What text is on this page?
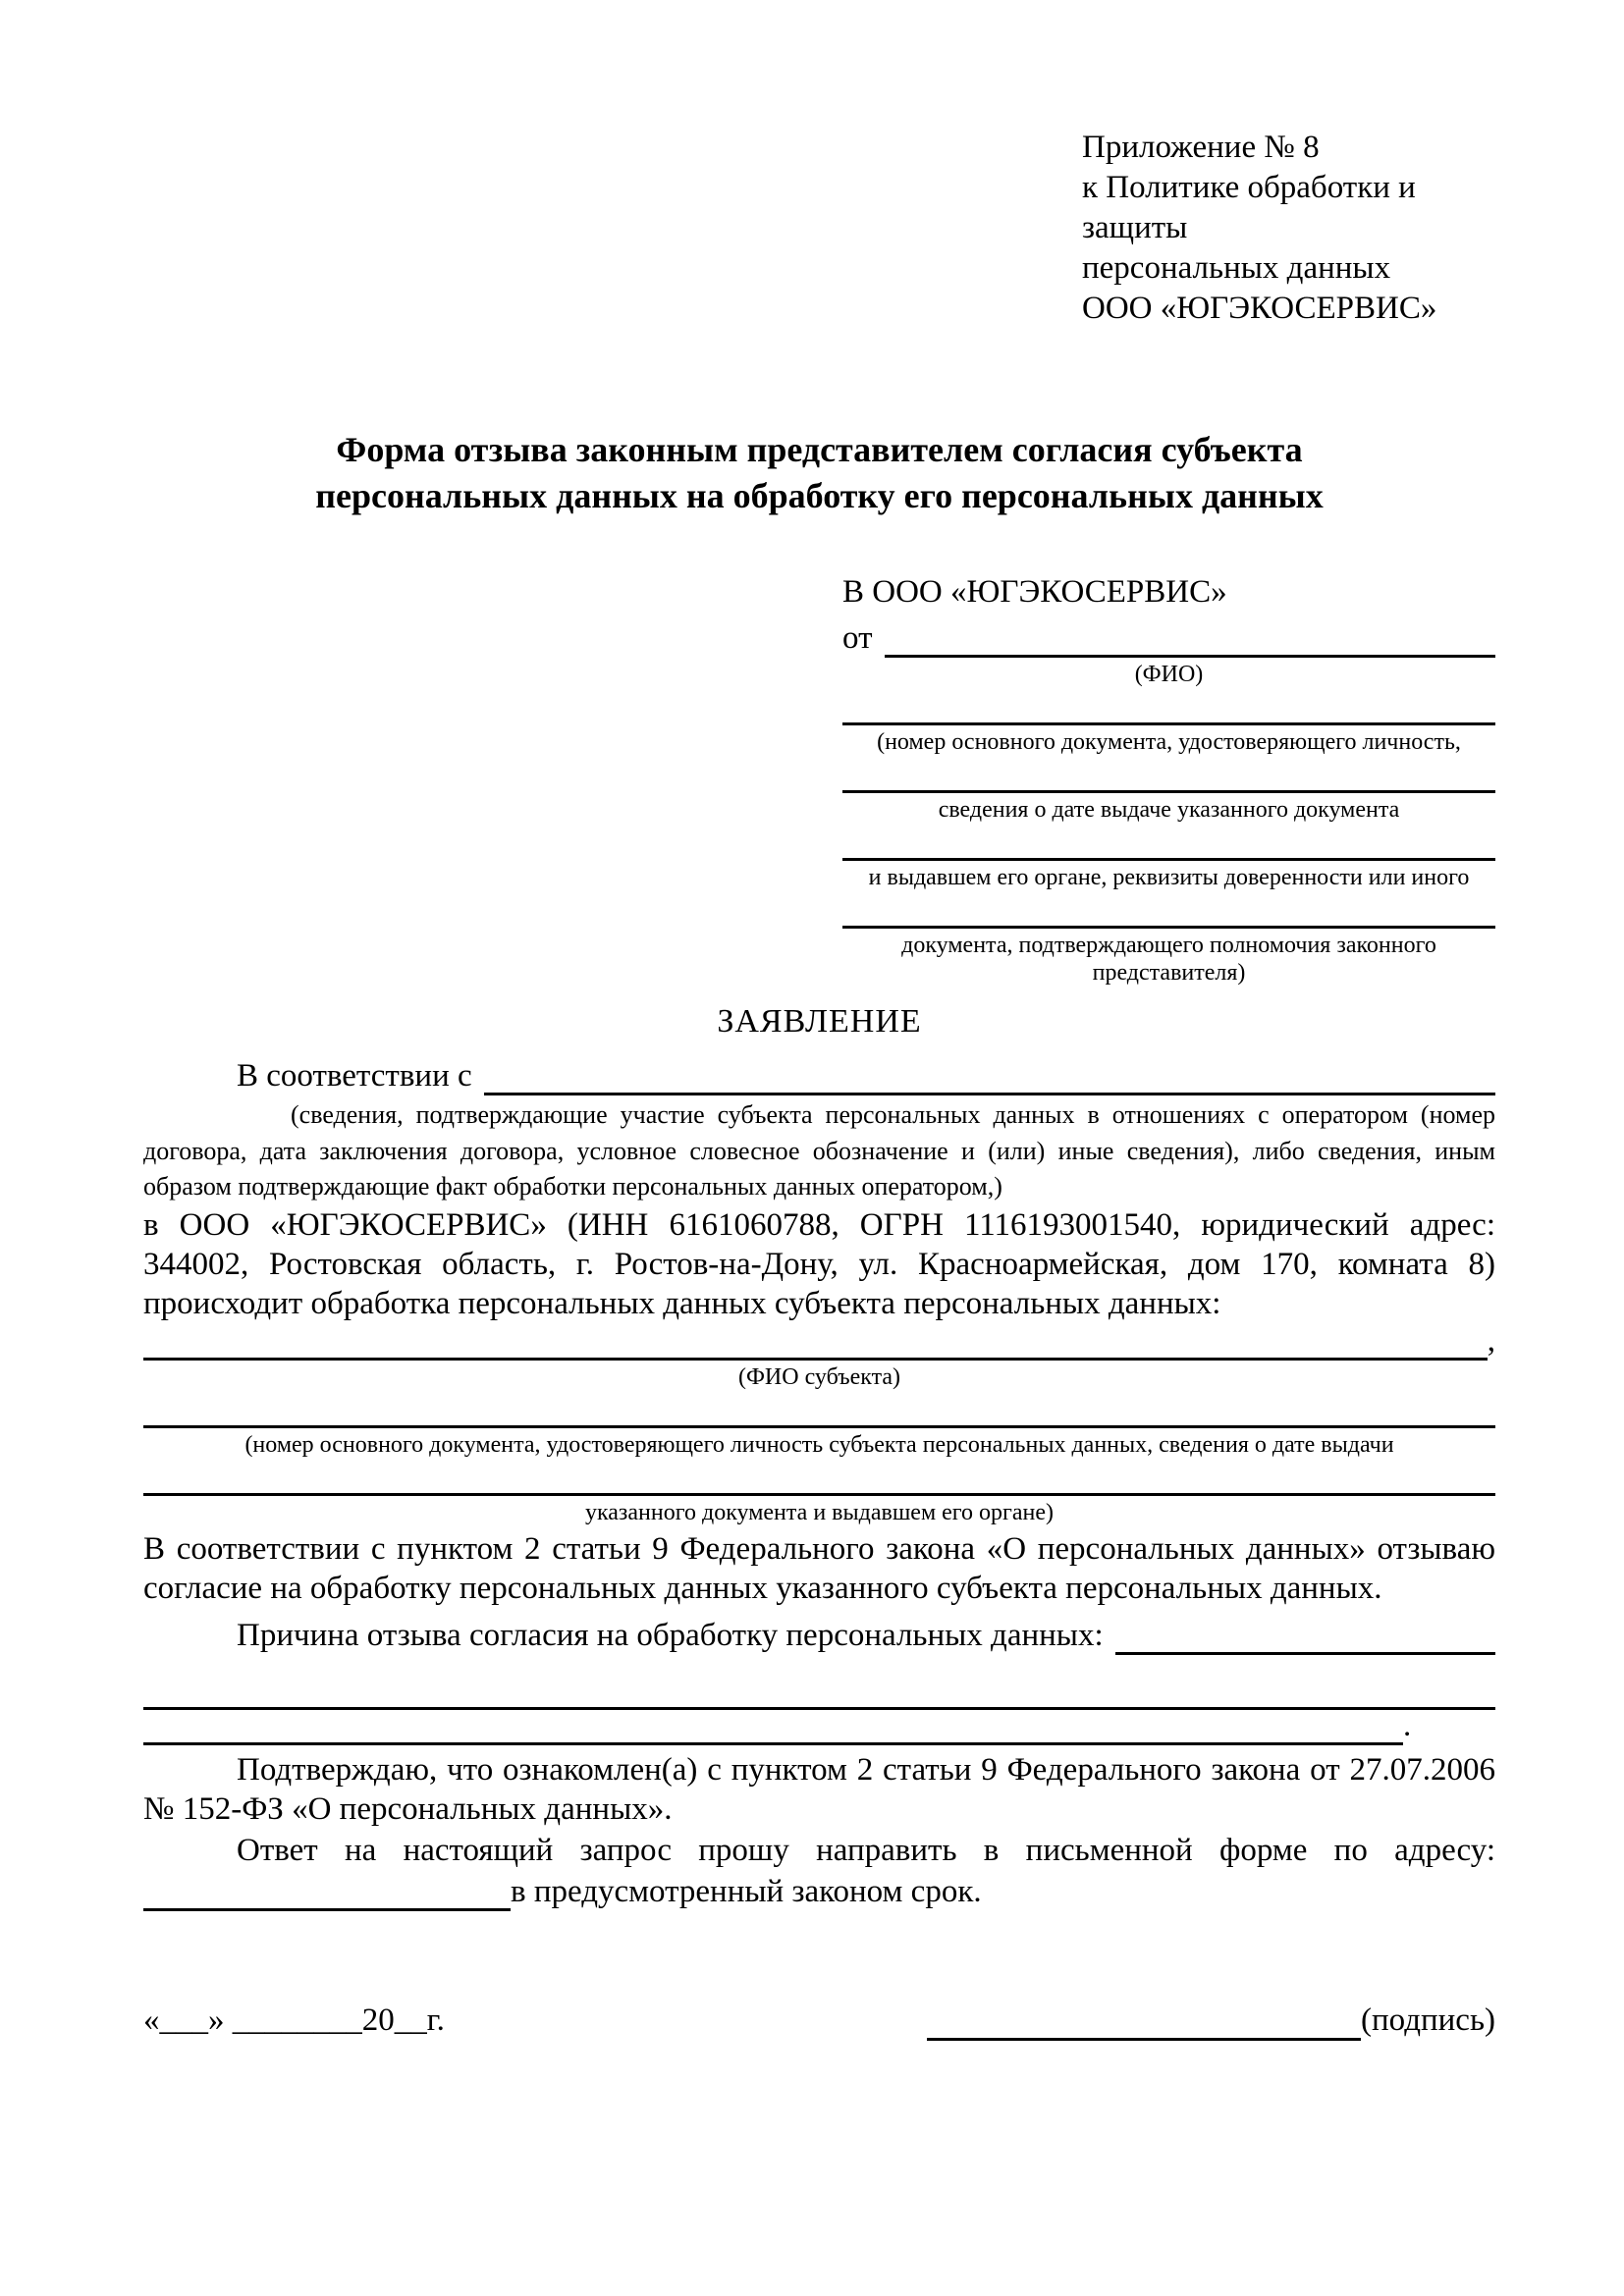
Приложение № 8
к Политике обработки и защиты
персональных данных
ООО «ЮГЭКОСЕРВИС»
Форма отзыва законным представителем согласия субъекта
персональных данных на обработку его персональных данных
В ООО «ЮГЭКОСЕРВИС»
от
(ФИО)
(номер основного документа, удостоверяющего личность,
сведения о дате выдаче указанного документа
и выдавшем его органе, реквизиты доверенности или иного
документа, подтверждающего полномочия законного представителя)
ЗАЯВЛЕНИЕ
В соответствии с
(сведения, подтверждающие участие субъекта персональных данных в отношениях с оператором (номер договора, дата заключения договора, условное словесное обозначение и (или) иные сведения), либо сведения, иным образом подтверждающие факт обработки персональных данных оператором,)
в ООО «ЮГЭКОСЕРВИС» (ИНН 6161060788, ОГРН 1116193001540, юридический адрес: 344002, Ростовская область, г. Ростов-на-Дону, ул. Красноармейская, дом 170, комната 8) происходит обработка персональных данных субъекта персональных данных:
,
(ФИО субъекта)
(номер основного документа, удостоверяющего личность субъекта персональных данных, сведения о дате выдачи
указанного документа и выдавшем его органе)
В соответствии с пунктом 2 статьи 9 Федерального закона «О персональных данных» отзываю согласие на обработку персональных данных указанного субъекта персональных данных.
Причина отзыва согласия на обработку персональных данных:
.
Подтверждаю, что ознакомлен(а) с пунктом 2 статьи 9 Федерального закона от 27.07.2006 № 152-ФЗ «О персональных данных».
Ответ на настоящий запрос прошу направить в письменной форме по адресу:
в предусмотренный законом срок.
«___» ________20__г.	(подпись)
